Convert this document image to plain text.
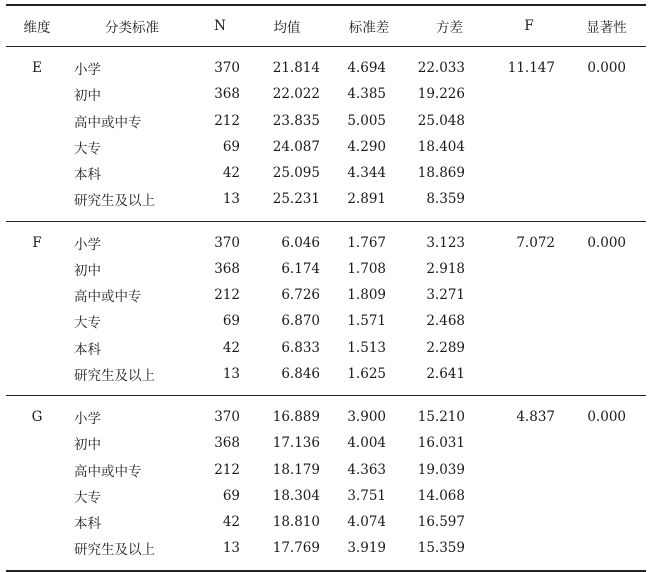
维度	分类标准	N	均值	标准差	方差	F	显著性
E	小学	370	21.814	4.694	22.033	11.147	0.000
	初中	368	22.022	4.385	19.226		
	高中或中专	212	23.835	5.005	25.048		
	大专	69	24.087	4.290	18.404		
	本科	42	25.095	4.344	18.869		
	研究生及以上	13	25.231	2.891	8.359		
F	小学	370	6.046	1.767	3.123	7.072	0.000
	初中	368	6.174	1.708	2.918		
	高中或中专	212	6.726	1.809	3.271		
	大专	69	6.870	1.571	2.468		
	本科	42	6.833	1.513	2.289		
	研究生及以上	13	6.846	1.625	2.641		
G	小学	370	16.889	3.900	15.210	4.837	0.000
	初中	368	17.136	4.004	16.031		
	高中或中专	212	18.179	4.363	19.039		
	大专	69	18.304	3.751	14.068		
	本科	42	18.810	4.074	16.597		
	研究生及以上	13	17.769	3.919	15.359		
